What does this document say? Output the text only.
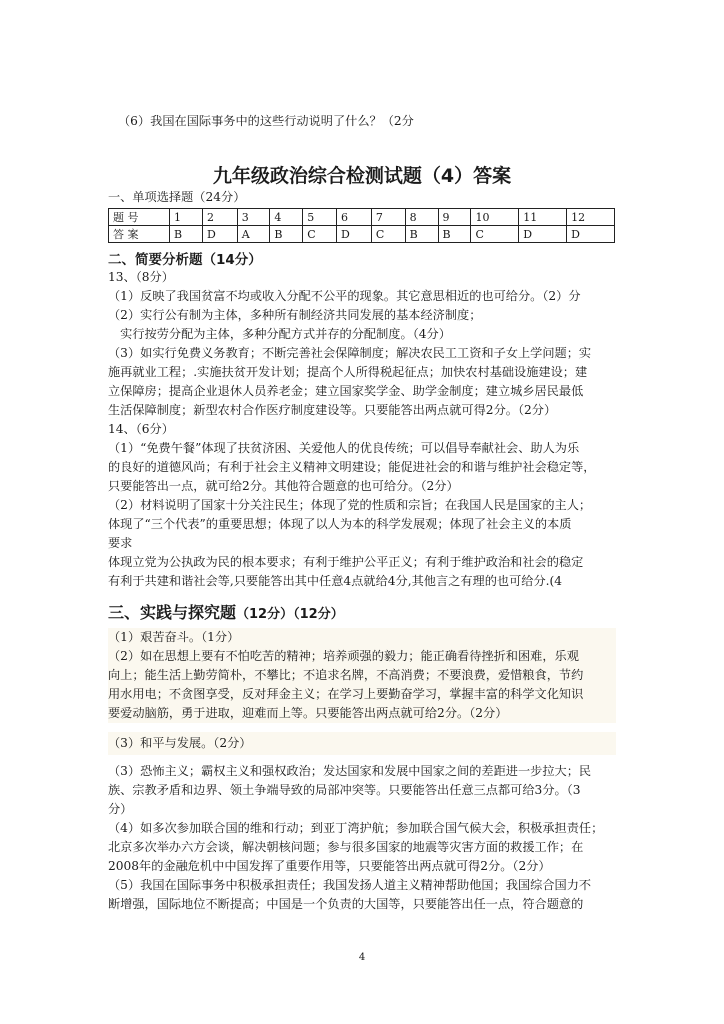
（6）我国在国际事务中的这些行动说明了什么？（2分
九年级政治综合检测试题（4）答案
一、单项选择题（24分）
题 号	1	2	3	4	5	6	7	8	9	10	11	12
答 案	B	D	A	B	C	D	C	B	B	C	D	D
二、简要分析题（14分）
13、（8分）
（1）反映了我国贫富不均或收入分配不公平的现象。其它意思相近的也可给分。（2）分
（2）实行公有制为主体，多种所有制经济共同发展的基本经济制度；
　实行按劳分配为主体，多种分配方式并存的分配制度。（4分）
（3）如实行免费义务教育；不断完善社会保障制度；解决农民工工资和子女上学问题；实
施再就业工程；.实施扶贫开发计划；提高个人所得税起征点；加快农村基础设施建设；建
立保障房；提高企业退休人员养老金；建立国家奖学金、助学金制度；建立城乡居民最低
生活保障制度；新型农村合作医疗制度建设等。只要能答出两点就可得2分。（2分）
14、（6分）
（1）“免费午餐”体现了扶贫济困、关爱他人的优良传统；可以倡导奉献社会、助人为乐
的良好的道德风尚；有利于社会主义精神文明建设；能促进社会的和谐与维护社会稳定等，
只要能答出一点，就可给2分。其他符合题意的也可给分。（2分）
（2）材料说明了国家十分关注民生；体现了党的性质和宗旨；在我国人民是国家的主人；
体现了“三个代表”的重要思想；体现了以人为本的科学发展观；体现了社会主义的本质
要求
体现立党为公执政为民的根本要求；有利于维护公平正义；有利于维护政治和社会的稳定
有利于共建和谐社会等,只要能答出其中任意4点就给4分,其他言之有理的也可给分.(4
三、实践与探究题（12分）（12分）
（1）艰苦奋斗。（1分）
（2）如在思想上要有不怕吃苦的精神；培养顽强的毅力；能正确看待挫折和困难，乐观
向上；能生活上勤劳简朴，不攀比；不追求名牌，不高消费；不要浪费，爱惜粮食，节约
用水用电；不贪图享受，反对拜金主义；在学习上要勤奋学习，掌握丰富的科学文化知识
要爱动脑筋，勇于进取，迎难而上等。只要能答出两点就可给2分。（2分）
（3）和平与发展。（2分）
（3）恐怖主义；霸权主义和强权政治；发达国家和发展中国家之间的差距进一步拉大；民
族、宗教矛盾和边界、领土争端导致的局部冲突等。只要能答出任意三点都可给3分。（3
分）
（4）如多次参加联合国的维和行动；到亚丁湾护航；参加联合国气候大会，积极承担责任；
北京多次举办六方会谈，解决朝核问题；参与很多国家的地震等灾害方面的救援工作；在
2008年的金融危机中中国发挥了重要作用等，只要能答出两点就可得2分。（2分）
（5）我国在国际事务中积极承担责任；我国发扬人道主义精神帮助他国；我国综合国力不
断增强，国际地位不断提高；中国是一个负责的大国等，只要能答出任一点，符合题意的
4
